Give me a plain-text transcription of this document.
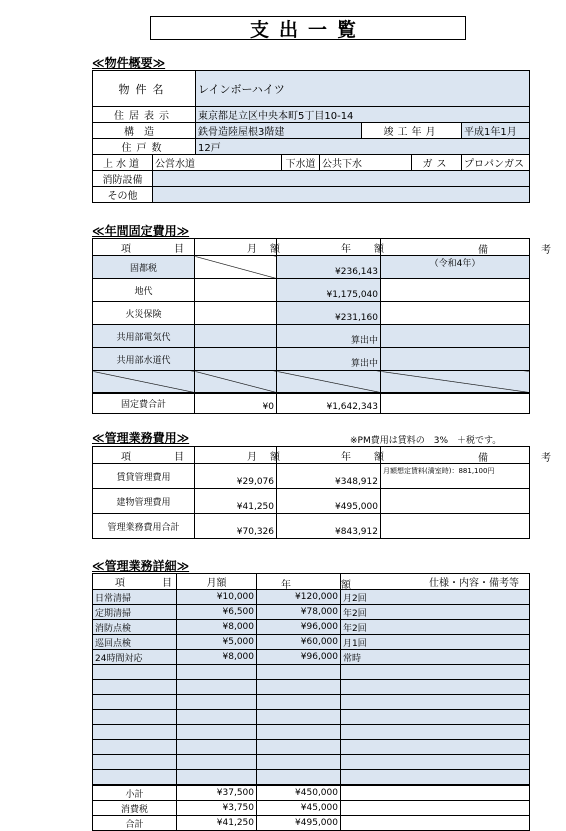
支出一覧
≪物件概要≫
物件名		レインボーハイツ					
住居表示		東京都足立区中央本町5丁目10-14					
構造		鉄骨造陸屋根3階建			竣工年月		平成1年1月
住戸数		12戸					
上水道	公営水道		下水道	公共下水		ガス	プロパンガス
消防設備							
その他							
≪年間固定費用≫
項 目	月 額	年 額	備 考

固都税		¥236,143	（令和4年）
地代		¥1,175,040	
火災保険		¥231,160	
共用部電気代		算出中	
共用部水道代		算出中	

固定費合計	¥0	¥1,642,343	
≪管理業務費用≫	※PM費用は賃料の　3%　＋税です。
項 目	月 額	年 額	備 考

賃貸管理費用	¥29,076	¥348,912	月額想定賃料(満室時)：881,100円
建物管理費用	¥41,250	¥495,000	
管理業務費用合計	¥70,326	¥843,912	
≪管理業務詳細≫
項 目	月額	年 額	仕様・内容・備考等
日常清掃	¥10,000	¥120,000	月2回
定期清掃	¥6,500	¥78,000	年2回
消防点検	¥8,000	¥96,000	年2回
巡回点検	¥5,000	¥60,000	月1回
24時間対応	¥8,000	¥96,000	常時

小計	¥37,500	¥450,000	
消費税	¥3,750	¥45,000	
合計	¥41,250	¥495,000	
